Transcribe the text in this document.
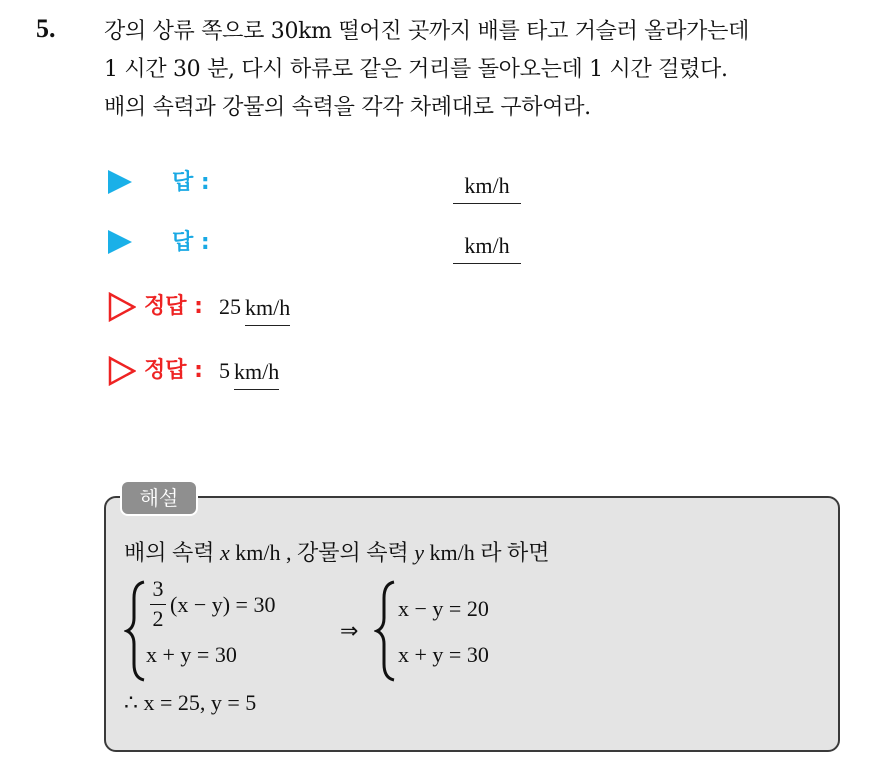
5. 강의 상류 쪽으로 30km 떨어진 곳까지 배를 타고 거슬러 올라가는데
1 시간 30 분, 다시 하류로 같은 거리를 돌아오는데 1 시간 걸렸다.
배의 속력과 강물의 속력을 각각 차례대로 구하여라.
답 :	km/h
답 :	km/h
정답 : 25 km/h
정답 : 5 km/h
해설
배의 속력 x km/h , 강물의 속력 y km/h 라 하면
3
2
(x − y) = 30
x + y = 30
⇒
x − y = 20
x + y = 30
∴ x = 25, y = 5
